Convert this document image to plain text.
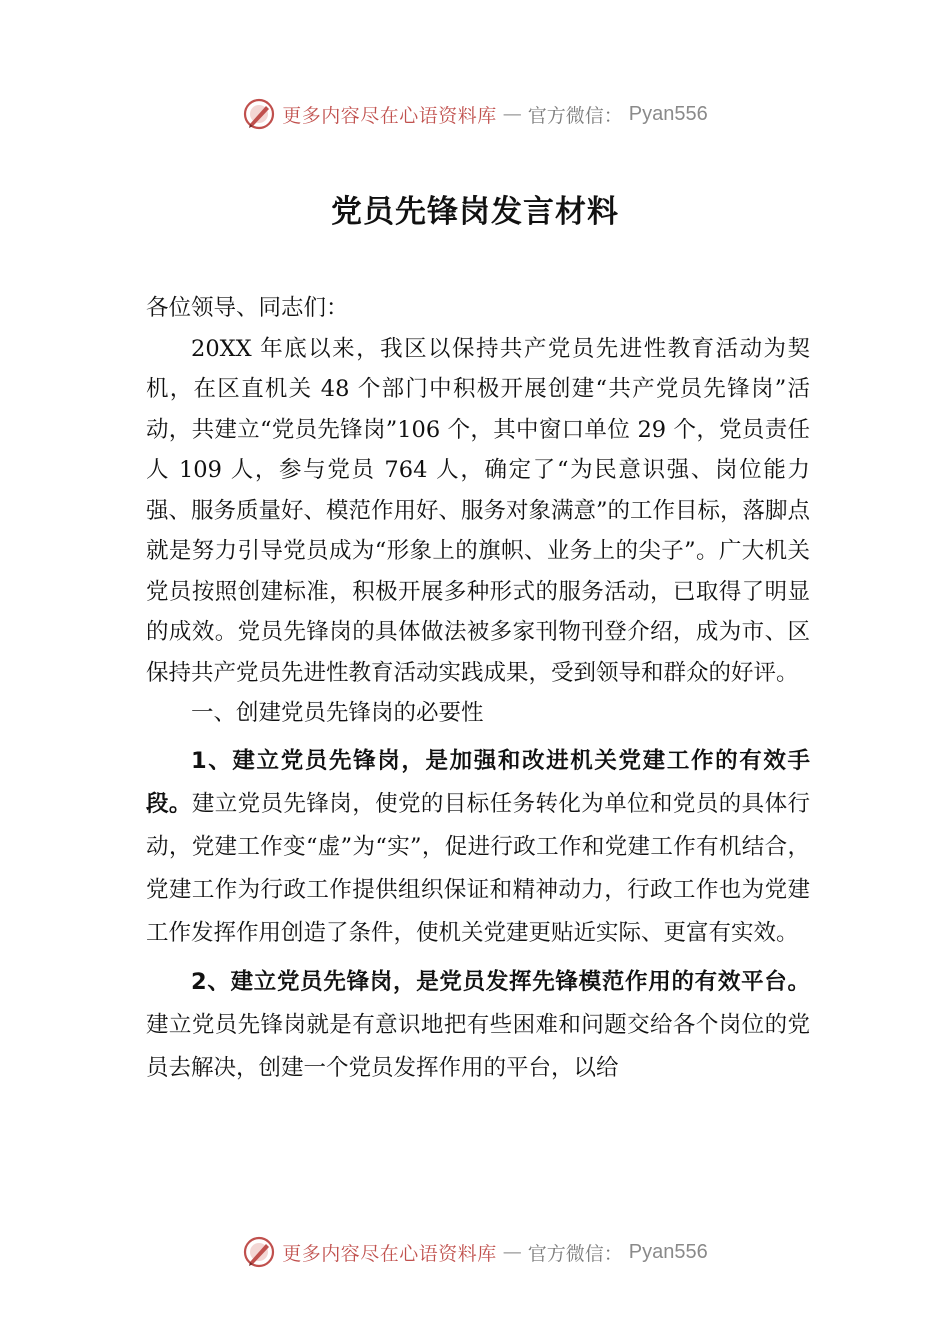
更多内容尽在心语资料库 — 官方微信： Pyan556
党员先锋岗发言材料

各位领导、同志们：

20XX 年底以来，我区以保持共产党员先进性教育活动为契机，在区直机关 48 个部门中积极开展创建“共产党员先锋岗”活动，共建立“党员先锋岗”106 个，其中窗口单位 29 个，党员责任人 109 人，参与党员 764 人，确定了“为民意识强、岗位能力强、服务质量好、模范作用好、服务对象满意”的工作目标，落脚点就是努力引导党员成为“形象上的旗帜、业务上的尖子”。广大机关党员按照创建标准，积极开展多种形式的服务活动，已取得了明显的成效。党员先锋岗的具体做法被多家刊物刊登介绍，成为市、区保持共产党员先进性教育活动实践成果，受到领导和群众的好评。

一、创建党员先锋岗的必要性

1、建立党员先锋岗，是加强和改进机关党建工作的有效手段。建立党员先锋岗，使党的目标任务转化为单位和党员的具体行动，党建工作变“虚”为“实”，促进行政工作和党建工作有机结合，党建工作为行政工作提供组织保证和精神动力，行政工作也为党建工作发挥作用创造了条件，使机关党建更贴近实际、更富有实效。

2、建立党员先锋岗，是党员发挥先锋模范作用的有效平台。建立党员先锋岗就是有意识地把有些困难和问题交给各个岗位的党员去解决，创建一个党员发挥作用的平台，以给

更多内容尽在心语资料库 — 官方微信： Pyan556
